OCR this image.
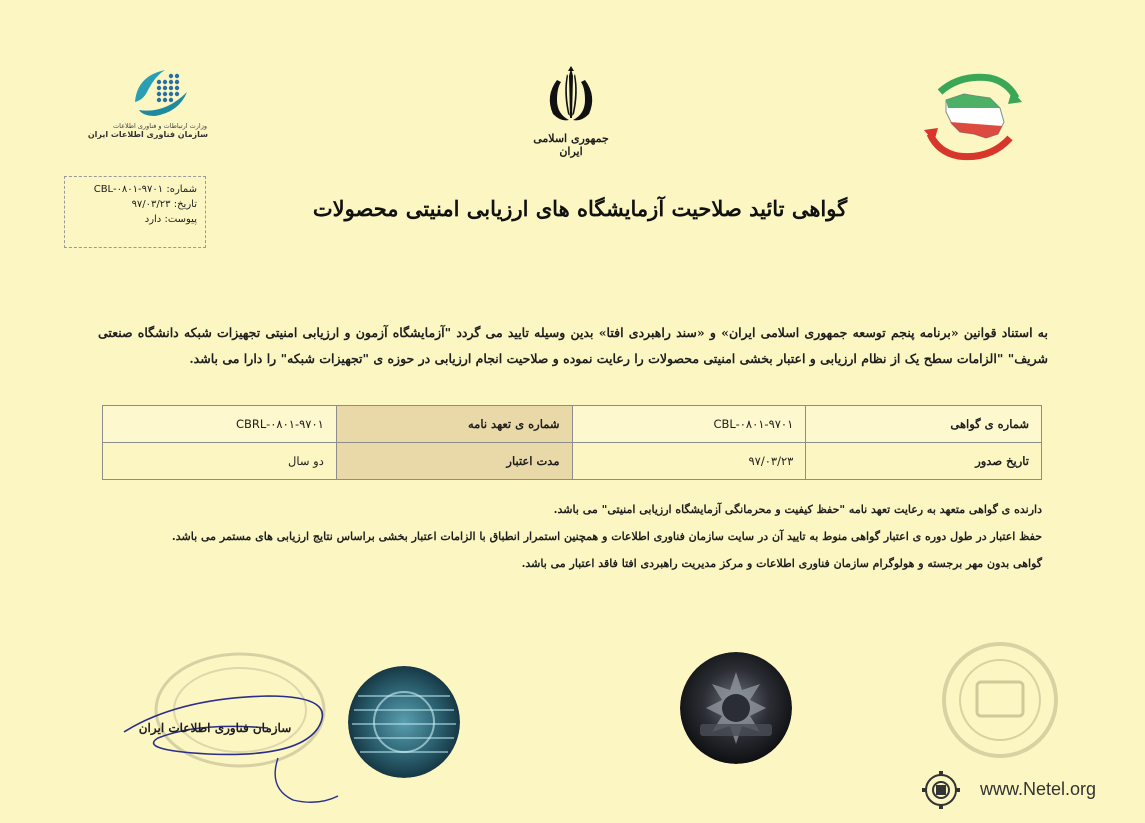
وزارت ارتباطات و فناوری اطلاعات
سازمان فناوری اطلاعات ایران	جمهوری اسلامی ایران
شماره: CBL-۰۸۰۱-۹۷۰۱
تاریخ: ۹۷/۰۳/۲۳
پیوست: دارد	گواهی تائید صلاحیت آزمایشگاه های ارزیابی امنیتی محصولات
به استناد قوانین «برنامه پنجم توسعه جمهوری اسلامی ایران» و «سند راهبردی افتا» بدین وسیله تایید می گردد "آزمایشگاه آزمون و ارزیابی امنیتی تجهیزات شبکه دانشگاه صنعتی شریف" "الزامات سطح یک از نظام ارزیابی و اعتبار بخشی امنیتی محصولات را رعایت نموده و صلاحیت انجام ارزیابی در حوزه ی "تجهیزات شبکه" را دارا می باشد.
شماره ی گواهی	CBL-۰۸۰۱-۹۷۰۱	شماره ی تعهد نامه	CBRL-۰۸۰۱-۹۷۰۱
تاریخ صدور	۹۷/۰۳/۲۳	مدت اعتبار	دو سال

دارنده ی گواهی متعهد به رعایت تعهد نامه "حفظ کیفیت و محرمانگی آزمایشگاه ارزیابی امنیتی" می باشد.

حفظ اعتبار در طول دوره ی اعتبار گواهی منوط به تایید آن در سایت سازمان فناوری اطلاعات و همچنین استمرار انطباق با الزامات اعتبار بخشی براساس نتایج ارزیابی های مستمر می باشد.

گواهی بدون مهر برجسته و هولوگرام سازمان فناوری اطلاعات و مرکز مدیریت راهبردی افتا فاقد اعتبار می باشد.

سازمان فناوری اطلاعات ایران
www.Netel.org
